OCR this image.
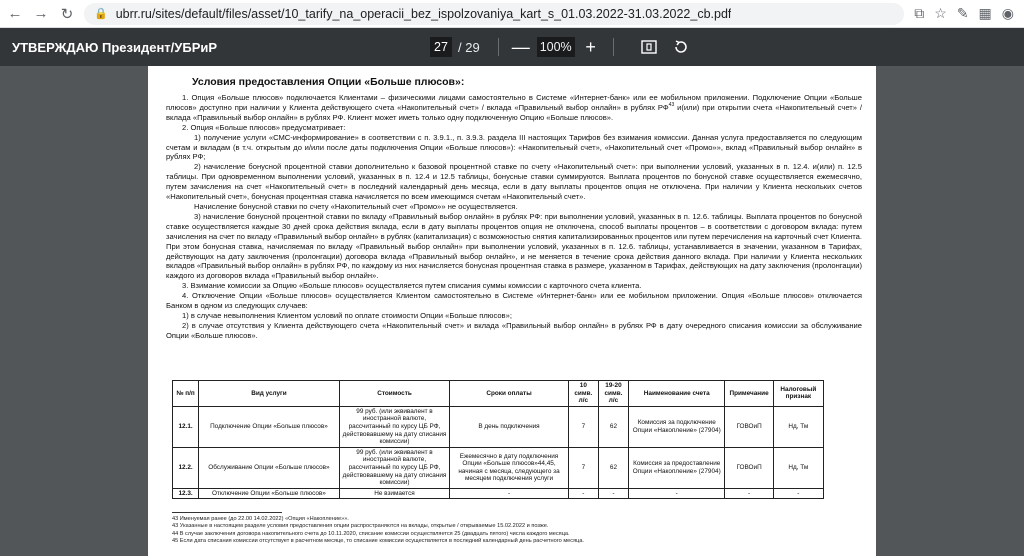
← → ↻	🔒 ubrr.ru/sites/default/files/asset/10_tarify_na_operacii_bez_ispolzovaniya_kart_s_01.03.2022-31.03.2022_cb.pdf	⧉ ☆ ✎ ▦ ◉
УТВЕРЖДАЮ Президент/УБРиР	27 / 29 — 100% +
Условия предоставления Опции «Больше плюсов»:

1. Опция «Больше плюсов» подключается Клиентами – физическими лицами самостоятельно в Системе «Интернет-банк» или ее мобильном приложении. Подключение Опции «Больше плюсов» доступно при наличии у Клиента действующего счета «Накопительный счет» / вклада «Правильный выбор онлайн» в рублях РФ$^{43}$ и(или) при открытии счета «Накопительный счет» / вклада «Правильный выбор онлайн» в рублях РФ. Клиент может иметь только одну подключенную Опцию «Больше плюсов».

2. Опция «Больше плюсов» предусматривает:

1) получение услуги «СМС-информирование» в соответствии с п. 3.9.1., п. 3.9.3. раздела III настоящих Тарифов без взимания комиссии. Данная услуга предоставляется по следующим счетам и вкладам (в т.ч. открытым до и/или после даты подключения Опции «Больше плюсов»): «Накопительный счет», «Накопительный счет «Промо»», вклад «Правильный выбор онлайн» в рублях РФ;

2) начисление бонусной процентной ставки дополнительно к базовой процентной ставке по счету «Накопительный счет»: при выполнении условий, указанных в п. 12.4. и(или) п. 12.5 таблицы. При одновременном выполнении условий, указанных в п. 12.4 и 12.5 таблицы, бонусные ставки суммируются. Выплата процентов по бонусной ставке осуществляется ежемесячно, путем зачисления на счет «Накопительный счет» в последний календарный день месяца, если в дату выплаты процентов опция не отключена. При наличии у Клиента нескольких счетов «Накопительный счет», бонусная процентная ставка начисляется по всем имеющимся счетам «Накопительный счет».

Начисление бонусной ставки по счету «Накопительный счет «Промо»» не осуществляется.

3) начисление бонусной процентной ставки по вкладу «Правильный выбор онлайн» в рублях РФ: при выполнении условий, указанных в п. 12.6. таблицы. Выплата процентов по бонусной ставке осуществляется каждые 30 дней срока действия вклада, если в дату выплаты процентов опция не отключена, способ выплаты процентов – в соответствии с договором вклада: путем зачисления на счет по вкладу «Правильный выбор онлайн» в рублях (капитализация) с возможностью снятия капитализированных процентов или путем перечисления на карточный счет Клиента. При этом бонусная ставка, начисляемая по вкладу «Правильный выбор онлайн» при выполнении условий, указанных в п. 12.6. таблицы, устанавливается в значении, указанном в Тарифах, действующих на дату заключения (пролонгации) договора вклада «Правильный выбор онлайн», и не меняется в течение срока действия данного вклада. При наличии у Клиента нескольких вкладов «Правильный выбор онлайн» в рублях РФ, по каждому из них начисляется бонусная процентная ставка в размере, указанном в Тарифах, действующих на дату заключения (пролонгации) каждого из договоров вклада «Правильный выбор онлайн».

3. Взимание комиссии за Опцию «Больше плюсов» осуществляется путем списания суммы комиссии с карточного счета клиента.

4. Отключение Опции «Больше плюсов» осуществляется Клиентом самостоятельно в Системе «Интернет-банк» или ее мобильном приложении. Опция «Больше плюсов» отключается Банком в одном из следующих случаев:

1) в случае невыполнения Клиентом условий по оплате стоимости Опции «Больше плюсов»;

2) в случае отсутствия у Клиента действующего счета «Накопительный счет» и вклада «Правильный выбор онлайн» в рублях РФ в дату очередного списания комиссии за обслуживание Опции «Больше плюсов».

№ п/п	Вид услуги	Стоимость	Сроки оплаты	10 симв. л/с	19-20 симв. л/с	Наименование счета	Примечание	Налоговый признак
12.1.	Подключение Опции «Больше плюсов»	99 руб. (или эквивалент в иностранной валюте, рассчитанный по курсу ЦБ РФ, действовавшему на дату списания комиссии)	В день подключения	7	62	Комиссия за подключение Опции «Накопление» (27904)	ГОВОиП	Нд, Тм
12.2.	Обслуживание Опции «Больше плюсов»	99 руб. (или эквивалент в иностранной валюте, рассчитанный по курсу ЦБ РФ, действовавшему на дату списания комиссии)	Ежемесячно в дату подключения Опции «Больше плюсов»44,45, начиная с месяца, следующего за месяцем подключения услуги	7	62	Комиссия за предоставление Опции «Накопление» (27904)	ГОВОиП	Нд, Тм
12.3.	Отключение Опции «Больше плюсов»	Не взимается	-	-	-	-	-	-
43 Именуемая ранее (до 22.00 14.02.2022) «Опция «Накопление»».
43 Указанные в настоящем разделе условия предоставления опции распространяются на вклады, открытые / открываемые 15.02.2022 и позже.
44 В случае заключения договора накопительного счета до 10.11.2020, списание комиссии осуществляется 25 (двадцать пятого) числа каждого месяца.
45 Если дата списания комиссии отсутствует в расчетном месяце, то списание комиссии осуществляется в последний календарный день расчетного месяца.
